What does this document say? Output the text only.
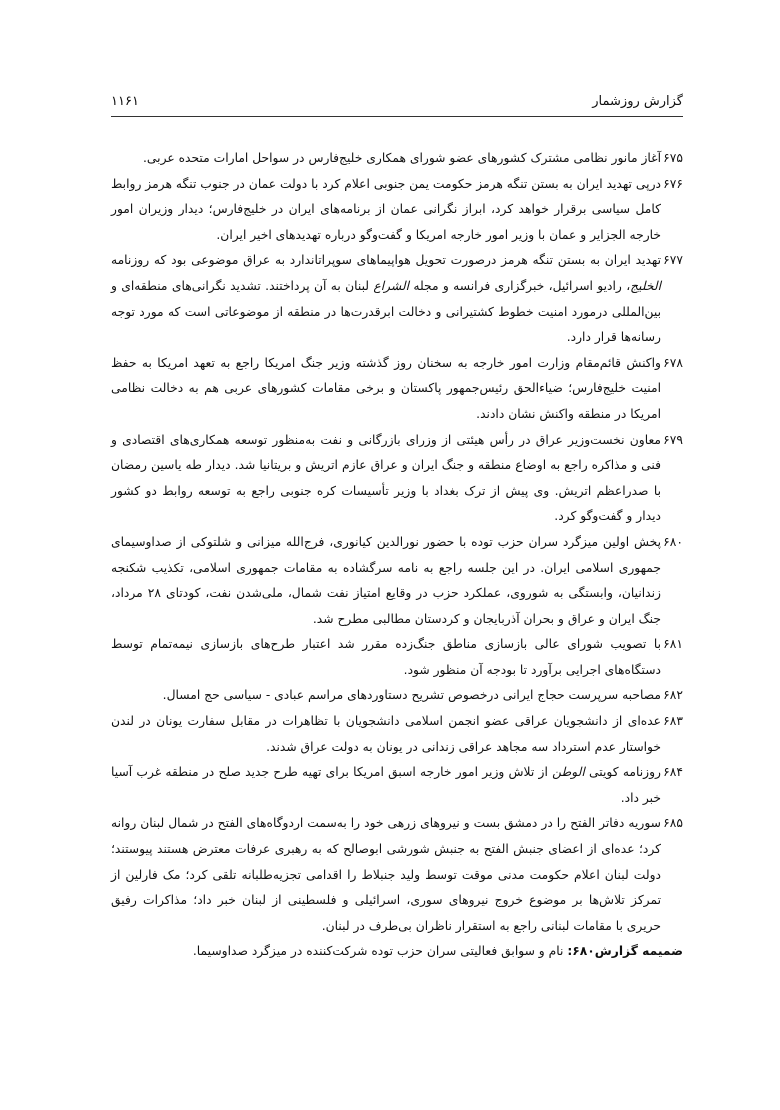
گزارش روزشمار
۱۱۶۱
۶۷۵
آغاز مانور نظامی مشترک کشورهای عضو شورای همکاری خلیج‌فارس در سواحل امارات متحده عربی.
۶۷۶
درپی تهدید ایران به بستن تنگه هرمز حکومت یمن جنوبی اعلام کرد با دولت عمان در جنوب تنگه هرمز روابط کامل سیاسی برقرار خواهد کرد، ابراز نگرانی عمان از برنامه‌های ایران در خلیج‌فارس؛ دیدار وزیران امور خارجه الجزایر و عمان با وزیر امور خارجه امریکا و گفت‌وگو درباره تهدیدهای اخیر ایران.
۶۷۷
تهدید ایران به بستن تنگه هرمز درصورت تحویل هواپیماهای سوپراتاندارد به عراق موضوعی بود که روزنامه الخلیج، رادیو اسرائیل، خبرگزاری فرانسه و مجله الشراع لبنان به آن پرداختند. تشدید نگرانی‌های منطقه‌ای و بین‌المللی درمورد امنیت خطوط کشتیرانی و دخالت ابرقدرت‌ها در منطقه از موضوعاتی است که مورد توجه رسانه‌ها قرار دارد.
۶۷۸
واکنش قائم‌مقام وزارت امور خارجه به سخنان روز گذشته وزیر جنگ امریکا راجع به تعهد امریکا به حفظ امنیت خلیج‌فارس؛ ضیاءالحق رئیس‌جمهور پاکستان و برخی مقامات کشورهای عربی هم به دخالت نظامی امریکا در منطقه واکنش نشان دادند.
۶۷۹
معاون نخست‌وزیر عراق در رأس هیئتی از وزرای بازرگانی و نفت به‌منظور توسعه همکاری‌های اقتصادی و فنی و مذاکره راجع به اوضاع منطقه و جنگ ایران و عراق عازم اتریش و بریتانیا شد. دیدار طه یاسین رمضان با صدراعظم اتریش. وی پیش از ترک بغداد با وزیر تأسیسات کره جنوبی راجع به توسعه روابط دو کشور دیدار و گفت‌وگو کرد.
۶۸۰
پخش اولین میزگرد سران حزب توده با حضور نورالدین کیانوری، فرج‌الله میزانی و شلتوکی از صداوسیمای جمهوری اسلامی ایران. در این جلسه راجع به نامه سرگشاده به مقامات جمهوری اسلامی، تکذیب شکنجه زندانیان، وابستگی به شوروی، عملکرد حزب در وقایع امتیاز نفت شمال، ملی‌شدن نفت، کودتای ۲۸ مرداد، جنگ ایران و عراق و بحران آذربایجان و کردستان مطالبی مطرح شد.
۶۸۱
با تصویب شورای عالی بازسازی مناطق جنگ‌زده مقرر شد اعتبار طرح‌های بازسازی نیمه‌تمام توسط دستگاه‌های اجرایی برآورد تا بودجه آن منظور شود.
۶۸۲
مصاحبه سرپرست حجاج ایرانی درخصوص تشریح دستاوردهای مراسم عبادی - سیاسی حج امسال.
۶۸۳
عده‌ای از دانشجویان عراقی عضو انجمن اسلامی دانشجویان با تظاهرات در مقابل سفارت یونان در لندن خواستار عدم استرداد سه مجاهد عراقی زندانی در یونان به دولت عراق شدند.
۶۸۴
روزنامه کویتی الوطن از تلاش وزیر امور خارجه اسبق امریکا برای تهیه طرح جدید صلح در منطقه غرب آسیا خبر داد.
۶۸۵
سوریه دفاتر الفتح را در دمشق بست و نیروهای زرهی خود را به‌سمت اردوگاه‌های الفتح در شمال لبنان روانه کرد؛ عده‌ای از اعضای جنبش الفتح به جنبش شورشی ابوصالح که به رهبری عرفات معترض هستند پیوستند؛ دولت لبنان اعلام حکومت مدنی موقت توسط ولید جنبلاط را اقدامی تجزیه‌طلبانه تلقی کرد؛ مک فارلین از تمرکز تلاش‌ها بر موضوع خروج نیروهای سوری، اسرائیلی و فلسطینی از لبنان خبر داد؛ مذاکرات رفیق حریری با مقامات لبنانی راجع به استقرار ناظران بی‌طرف در لبنان.
ضمیمه گزارش۶۸۰: نام و سوابق فعالیتی سران حزب توده شرکت‌کننده در میزگرد صداوسیما.
